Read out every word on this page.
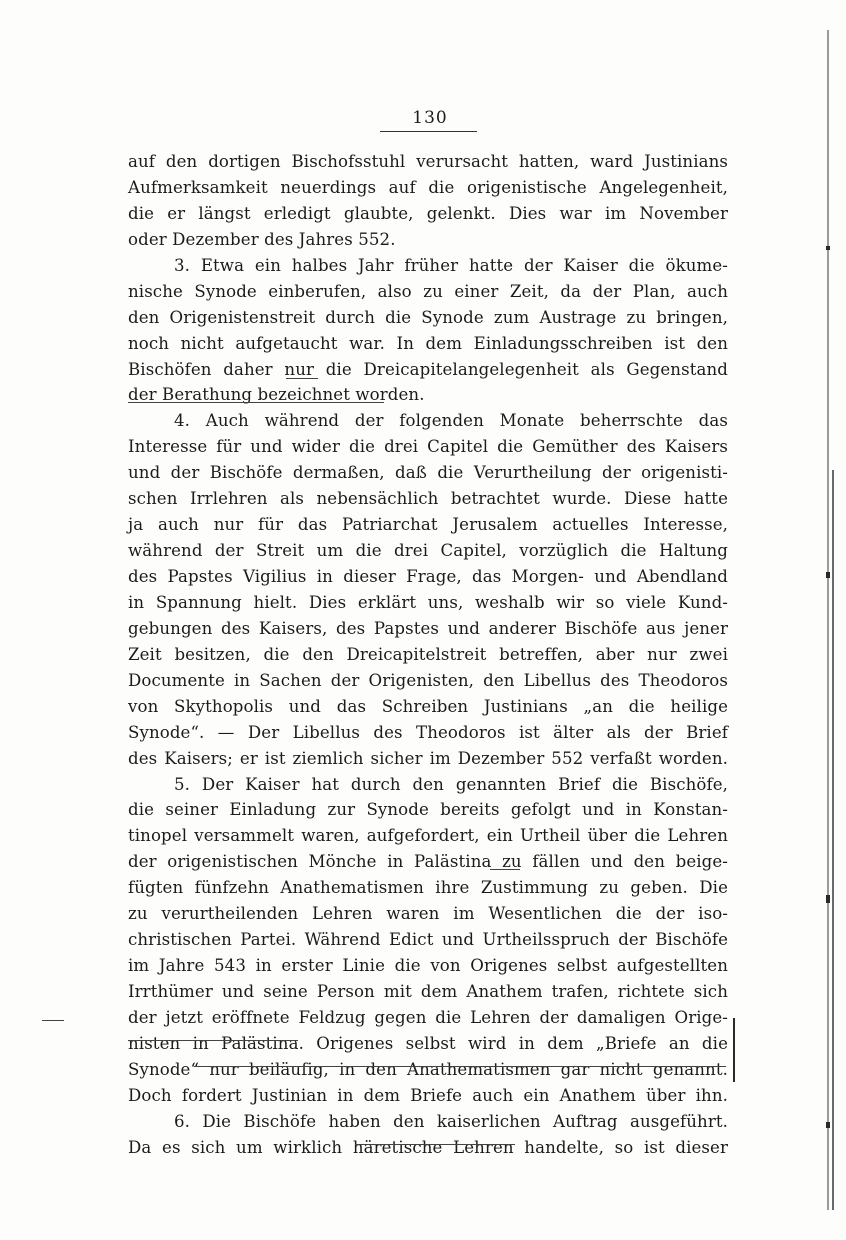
130
auf den dortigen Bischofsstuhl verursacht hatten, ward Justinians
Aufmerksamkeit neuerdings auf die origenistische Angelegenheit,
die er längst erledigt glaubte, gelenkt. Dies war im November
oder Dezember des Jahres 552.
3. Etwa ein halbes Jahr früher hatte der Kaiser die ökume-
nische Synode einberufen, also zu einer Zeit, da der Plan, auch
den Origenistenstreit durch die Synode zum Austrage zu bringen,
noch nicht aufgetaucht war. In dem Einladungsschreiben ist den
Bischöfen daher nur die Dreicapitelangelegenheit als Gegenstand
der Berathung bezeichnet worden.
4. Auch während der folgenden Monate beherrschte das
Interesse für und wider die drei Capitel die Gemüther des Kaisers
und der Bischöfe dermaßen, daß die Verurtheilung der origenisti-
schen Irrlehren als nebensächlich betrachtet wurde. Diese hatte
ja auch nur für das Patriarchat Jerusalem actuelles Interesse,
während der Streit um die drei Capitel, vorzüglich die Haltung
des Papstes Vigilius in dieser Frage, das Morgen- und Abendland
in Spannung hielt. Dies erklärt uns, weshalb wir so viele Kund-
gebungen des Kaisers, des Papstes und anderer Bischöfe aus jener
Zeit besitzen, die den Dreicapitelstreit betreffen, aber nur zwei
Documente in Sachen der Origenisten, den Libellus des Theodoros
von Skythopolis und das Schreiben Justinians „an die heilige
Synode“. — Der Libellus des Theodoros ist älter als der Brief
des Kaisers; er ist ziemlich sicher im Dezember 552 verfaßt worden.
5. Der Kaiser hat durch den genannten Brief die Bischöfe,
die seiner Einladung zur Synode bereits gefolgt und in Konstan-
tinopel versammelt waren, aufgefordert, ein Urtheil über die Lehren
der origenistischen Mönche in Palästina zu fällen und den beige-
fügten fünfzehn Anathematismen ihre Zustimmung zu geben. Die
zu verurtheilenden Lehren waren im Wesentlichen die der iso-
christischen Partei. Während Edict und Urtheilsspruch der Bischöfe
im Jahre 543 in erster Linie die von Origenes selbst aufgestellten
Irrthümer und seine Person mit dem Anathem trafen, richtete sich
der jetzt eröffnete Feldzug gegen die Lehren der damaligen Orige-
nisten in Palästina. Origenes selbst wird in dem „Briefe an die
Synode“ nur beiläufig, in den Anathematismen gar nicht genannt.
Doch fordert Justinian in dem Briefe auch ein Anathem über ihn.
6. Die Bischöfe haben den kaiserlichen Auftrag ausgeführt.
Da es sich um wirklich häretische Lehren handelte, so ist dieser
